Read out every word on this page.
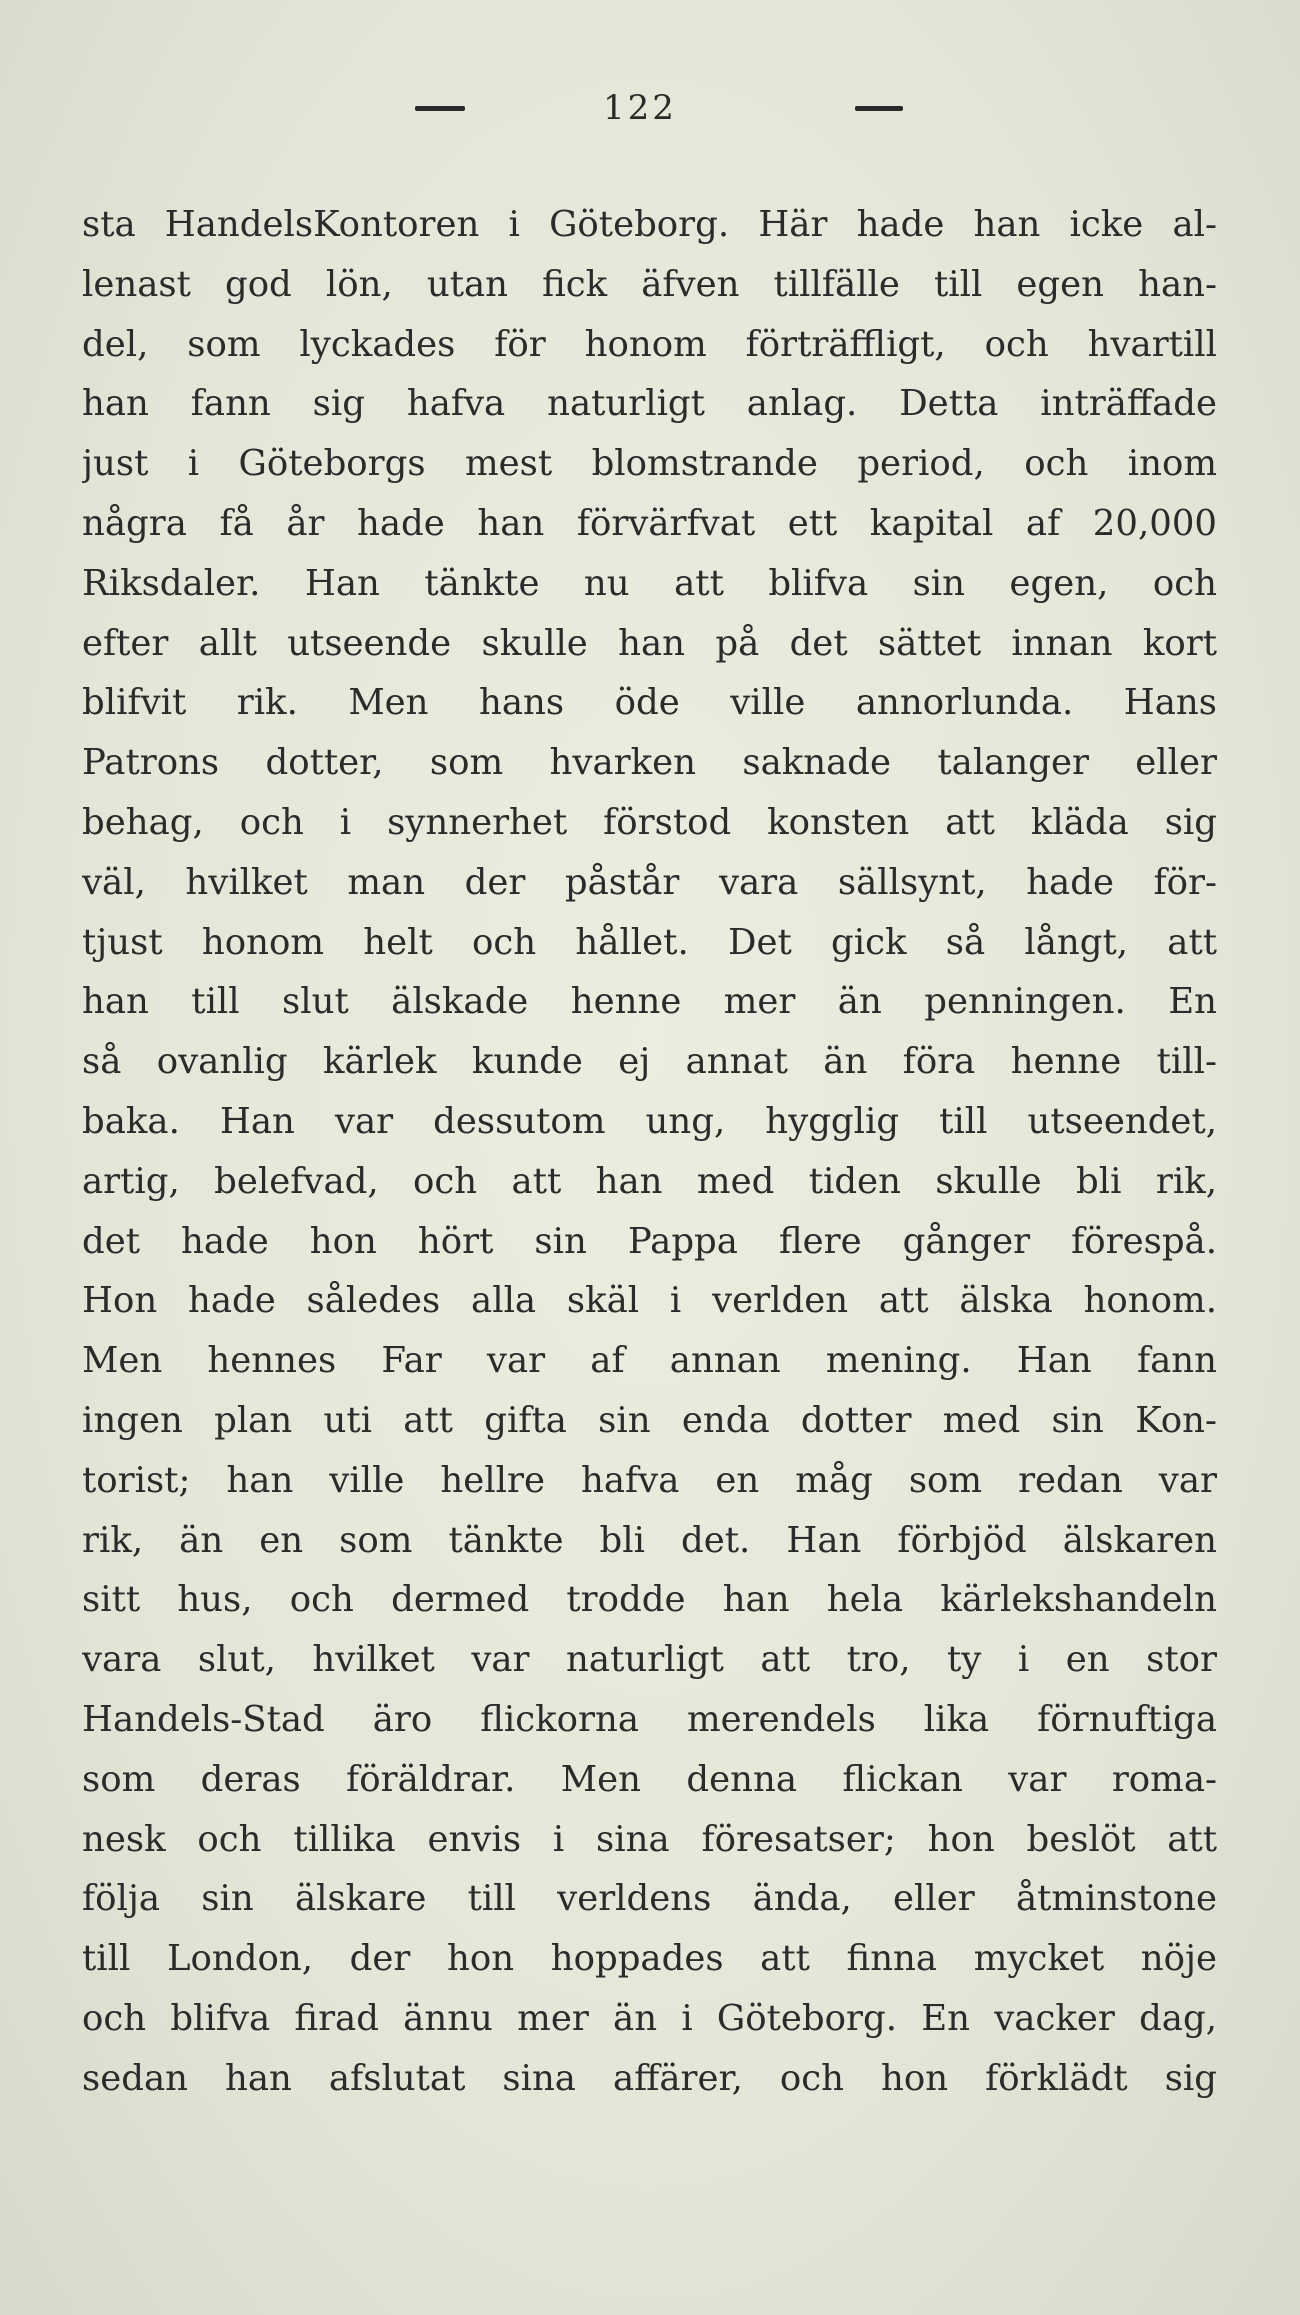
122
sta HandelsKontoren i Göteborg. Här hade han icke al-
lenast god lön, utan fick äfven tillfälle till egen han-
del, som lyckades för honom förträffligt, och hvartill
han fann sig hafva naturligt anlag. Detta inträffade
just i Göteborgs mest blomstrande period, och inom
några få år hade han förvärfvat ett kapital af 20,000
Riksdaler. Han tänkte nu att blifva sin egen, och
efter allt utseende skulle han på det sättet innan kort
blifvit rik. Men hans öde ville annorlunda. Hans
Patrons dotter, som hvarken saknade talanger eller
behag, och i synnerhet förstod konsten att kläda sig
väl, hvilket man der påstår vara sällsynt, hade för-
tjust honom helt och hållet. Det gick så långt, att
han till slut älskade henne mer än penningen. En
så ovanlig kärlek kunde ej annat än föra henne till-
baka. Han var dessutom ung, hygglig till utseendet,
artig, belefvad, och att han med tiden skulle bli rik,
det hade hon hört sin Pappa flere gånger förespå.
Hon hade således alla skäl i verlden att älska honom.
Men hennes Far var af annan mening. Han fann
ingen plan uti att gifta sin enda dotter med sin Kon-
torist; han ville hellre hafva en måg som redan var
rik, än en som tänkte bli det. Han förbjöd älskaren
sitt hus, och dermed trodde han hela kärlekshandeln
vara slut, hvilket var naturligt att tro, ty i en stor
Handels-Stad äro flickorna merendels lika förnuftiga
som deras föräldrar. Men denna flickan var roma-
nesk och tillika envis i sina föresatser; hon beslöt att
följa sin älskare till verldens ända, eller åtminstone
till London, der hon hoppades att finna mycket nöje
och blifva firad ännu mer än i Göteborg. En vacker dag,
sedan han afslutat sina affärer, och hon förklädt sig
